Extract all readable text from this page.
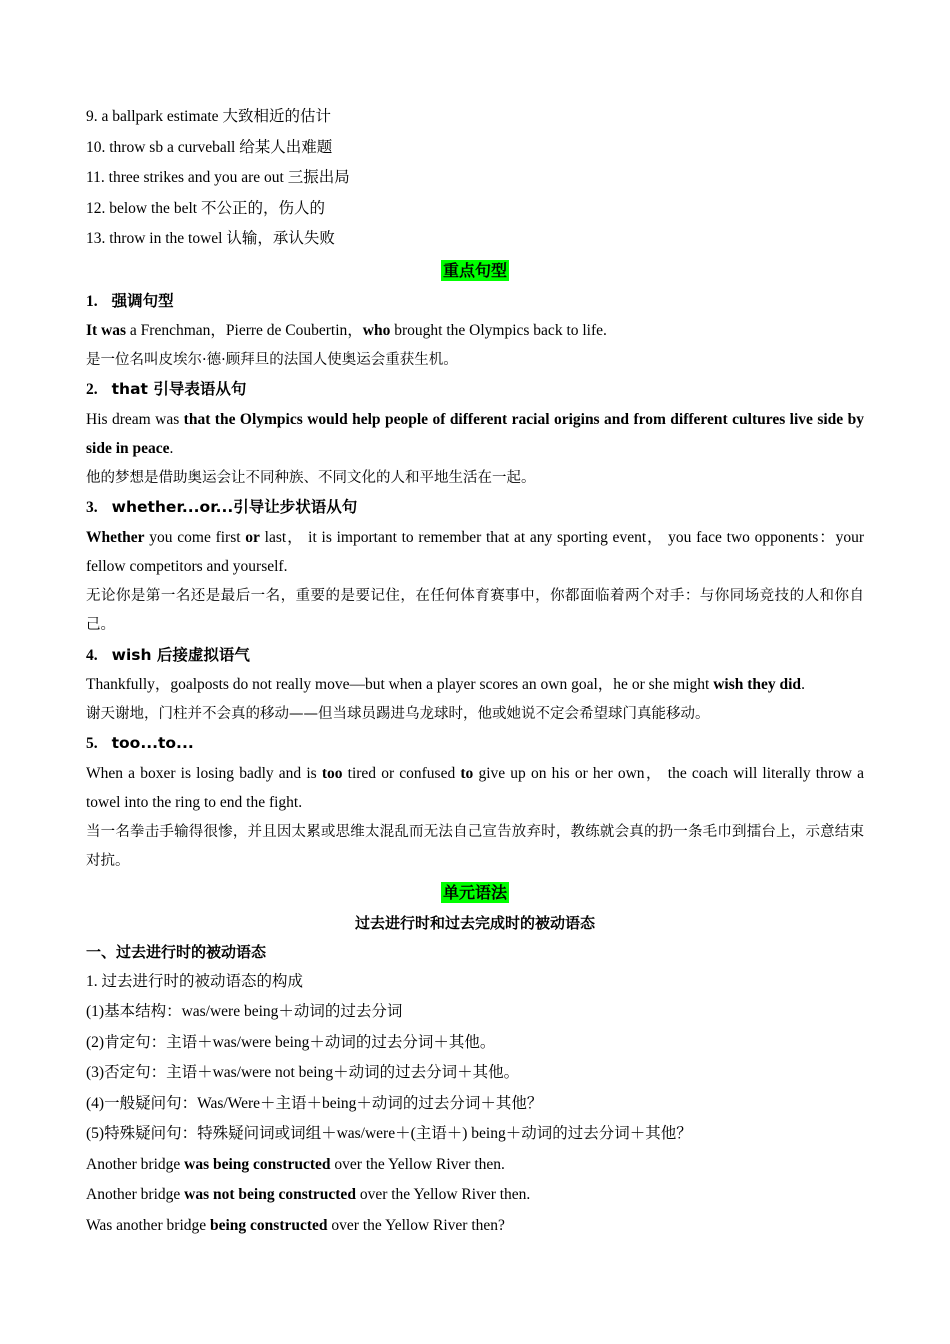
9. a ballpark estimate 大致相近的估计
10. throw sb a curveball 给某人出难题
11. three strikes and you are out 三振出局
12. below the belt 不公正的，伤人的
13. throw in the towel 认输，承认失败
重点句型
1. 强调句型

It was a Frenchman，Pierre de Coubertin，who brought the Olympics back to life.

是一位名叫皮埃尔·德·顾拜旦的法国人使奥运会重获生机。

2. that 引导表语从句

His dream was that the Olympics would help people of different racial origins and from different cultures live side by side in peace.

他的梦想是借助奥运会让不同种族、不同文化的人和平地生活在一起。

3. whether...or...引导让步状语从句

Whether you come first or last， it is important to remember that at any sporting event， you face two opponents：your fellow competitors and yourself.

无论你是第一名还是最后一名，重要的是要记住，在任何体育赛事中，你都面临着两个对手：与你同场竞技的人和你自己。

4. wish 后接虚拟语气

Thankfully，goalposts do not really move—but when a player scores an own goal，he or she might wish they did.

谢天谢地，门柱并不会真的移动——但当球员踢进乌龙球时，他或她说不定会希望球门真能移动。

5. too...to...

When a boxer is losing badly and is too tired or confused to give up on his or her own， the coach will literally throw a towel into the ring to end the fight.

当一名拳击手输得很惨，并且因太累或思维太混乱而无法自己宣告放弃时，教练就会真的扔一条毛巾到擂台上，示意结束对抗。

单元语法
过去进行时和过去完成时的被动语态
一、过去进行时的被动语态
1. 过去进行时的被动语态的构成
(1)基本结构：was/were being＋动词的过去分词
(2)肯定句：主语＋was/were being＋动词的过去分词＋其他。
(3)否定句：主语＋was/were not being＋动词的过去分词＋其他。
(4)一般疑问句：Was/Were＋主语＋being＋动词的过去分词＋其他？
(5)特殊疑问句：特殊疑问词或词组＋was/were＋(主语＋) being＋动词的过去分词＋其他？
Another bridge was being constructed over the Yellow River then.
Another bridge was not being constructed over the Yellow River then.
Was another bridge being constructed over the Yellow River then?
